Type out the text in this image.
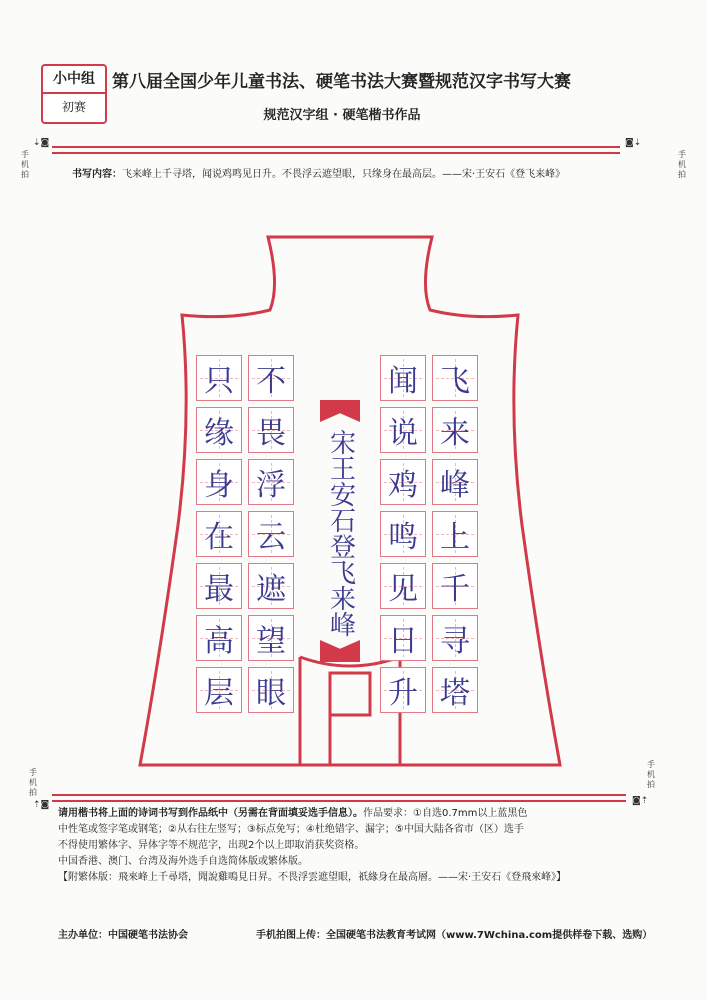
小中组
初赛
第八届全国少年儿童书法、硬笔书法大赛暨规范汉字书写大赛
规范汉字组 · 硬笔楷书作品
⇣◙	◙⇣
手机拍
手机拍
书写内容：飞来峰上千寻塔，闻说鸡鸣见日升。不畏浮云遮望眼，只缘身在最高层。——宋·王安石《登飞来峰》
飞
来
峰
上
千
寻
塔
闻
说
鸡
鸣
见
日
升
不
畏
浮
云
遮
望
眼
只
缘
身
在
最
高
层
宋王安石登飞来峰
手机拍
手机拍
⇡◙	◙⇡
请用楷书将上面的诗词书写到作品纸中（另需在背面填妥选手信息）。作品要求：①自选0.7mm以上蓝黑色
中性笔或签字笔或钢笔；②从右往左竖写；③标点免写；④杜绝错字、漏字；⑤中国大陆各省市（区）选手
不得使用繁体字、异体字等不规范字，出现2个以上即取消获奖资格。
中国香港、澳门、台湾及海外选手自选简体版或繁体版。
【附繁体版：飛來峰上千尋塔，聞說雞鳴見日昇。不畏浮雲遮望眼，祇緣身在最高層。——宋·王安石《登飛來峰》】
主办单位：中国硬笔书法协会	手机拍图上传：全国硬笔书法教育考试网（www.7Wchina.com提供样卷下载、选购）
